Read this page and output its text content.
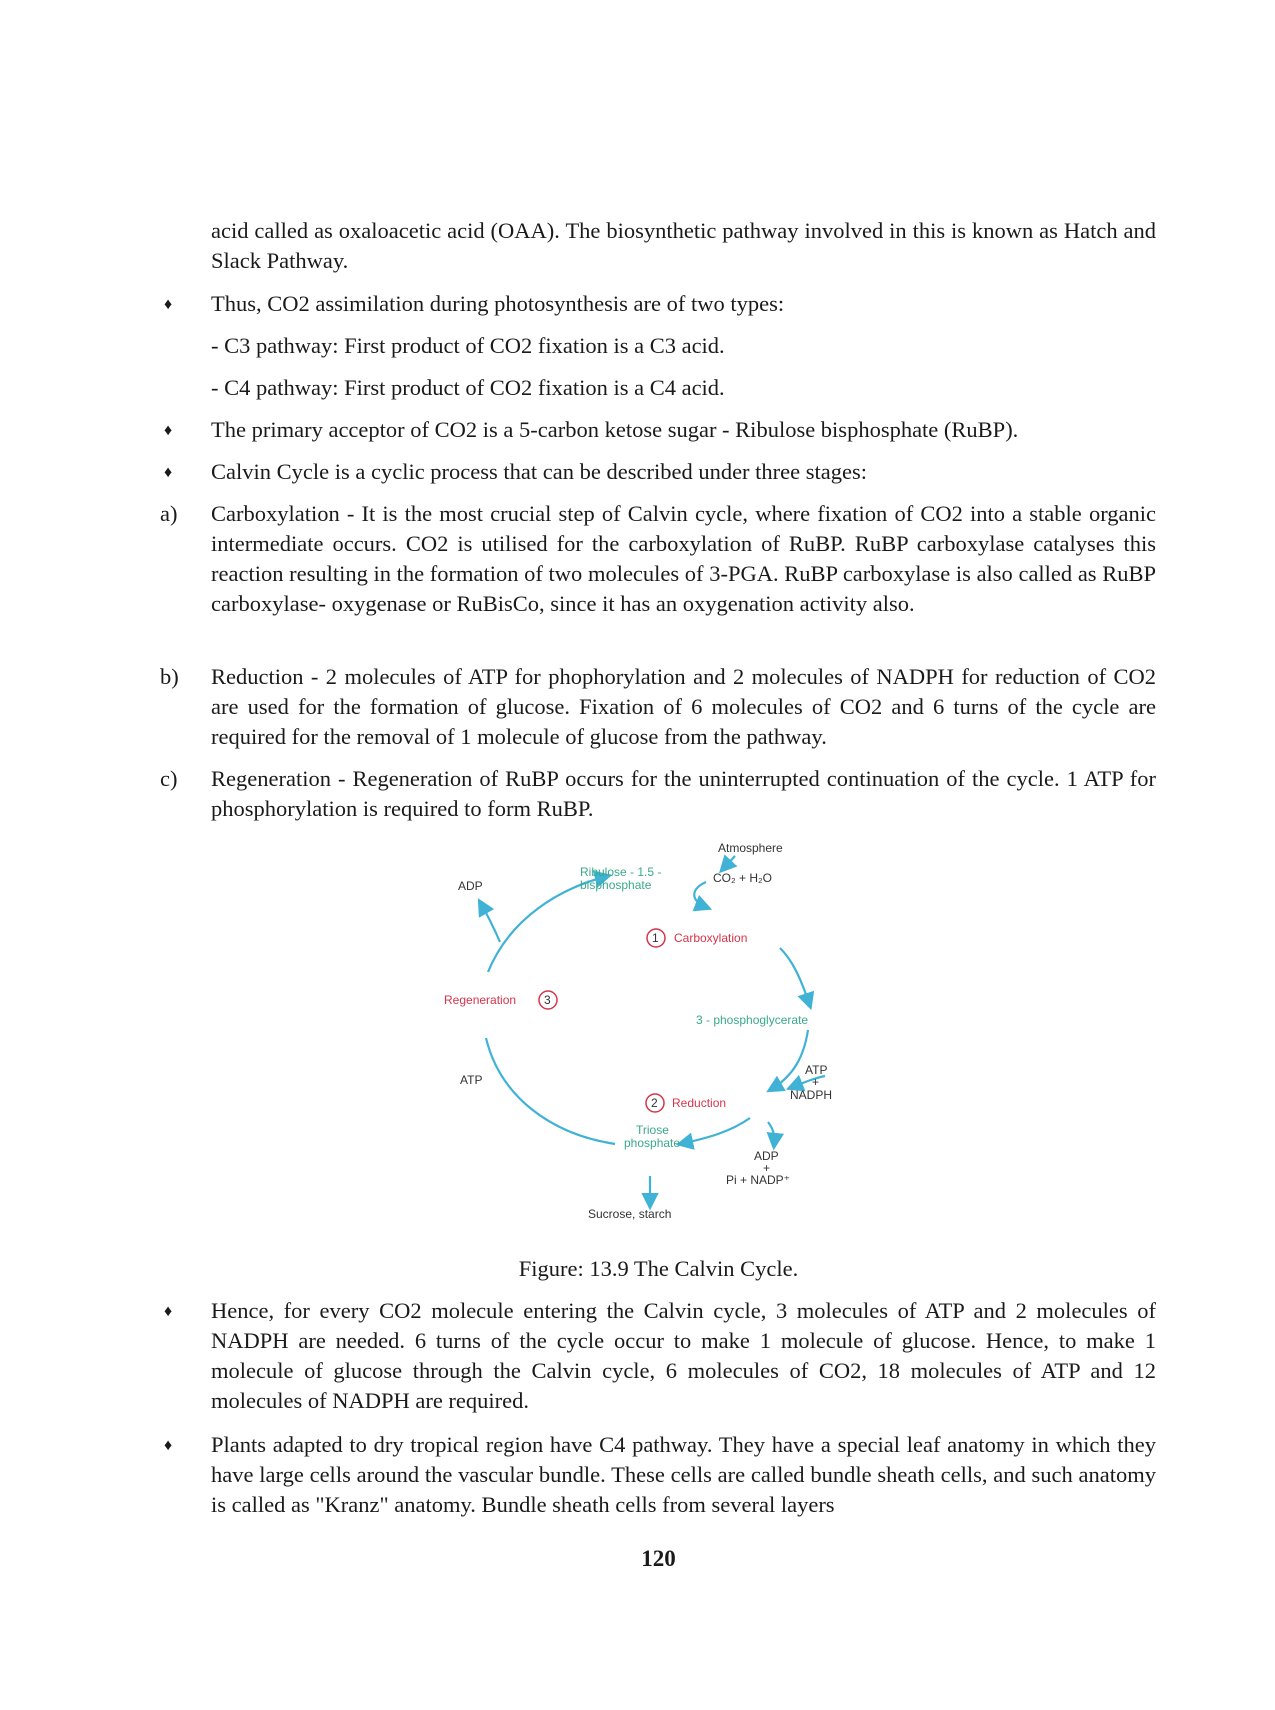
acid called as oxaloacetic acid (OAA). The biosynthetic pathway involved in this is known as Hatch and Slack Pathway.

♦ Thus, CO2 assimilation during photosynthesis are of two types:

- C3 pathway: First product of CO2 fixation is a C3 acid.

- C4 pathway: First product of CO2 fixation is a C4 acid.

♦ The primary acceptor of CO2 is a 5-carbon ketose sugar - Ribulose bisphosphate (RuBP).

♦ Calvin Cycle is a cyclic process that can be described under three stages:

a) Carboxylation - It is the most crucial step of Calvin cycle, where fixation of CO2 into a stable organic intermediate occurs. CO2 is utilised for the carboxylation of RuBP. RuBP carboxylase catalyses this reaction resulting in the formation of two molecules of 3-PGA. RuBP carboxylase is also called as RuBP carboxylase- oxygenase or RuBisCo, since it has an oxygenation activity also.

b) Reduction - 2 molecules of ATP for phophorylation and 2 molecules of NADPH for reduction of CO2 are used for the formation of glucose. Fixation of 6 molecules of CO2 and 6 turns of the cycle are required for the removal of 1 molecule of glucose from the pathway.

c) Regeneration - Regeneration of RuBP occurs for the uninterrupted continuation of the cycle. 1 ATP for phosphorylation is required to form RuBP.

Atmosphere
CO₂ + H₂O
Ribulose - 1.5 -
bisphosphate
1 Carboxylation
3 - phosphoglycerate
ATP
+
NADPH
2 Reduction
ADP
+
Pi + NADP⁺
Triose
phosphate
Sucrose, starch
Regeneration 3
ADP
ATP
Figure: 13.9 The Calvin Cycle.
♦ Hence, for every CO2 molecule entering the Calvin cycle, 3 molecules of ATP and 2 molecules of NADPH are needed. 6 turns of the cycle occur to make 1 molecule of glucose. Hence, to make 1 molecule of glucose through the Calvin cycle, 6 molecules of CO2, 18 molecules of ATP and 12 molecules of NADPH are required.

♦ Plants adapted to dry tropical region have C4 pathway. They have a special leaf anatomy in which they have large cells around the vascular bundle. These cells are called bundle sheath cells, and such anatomy is called as "Kranz" anatomy. Bundle sheath cells from several layers

120
